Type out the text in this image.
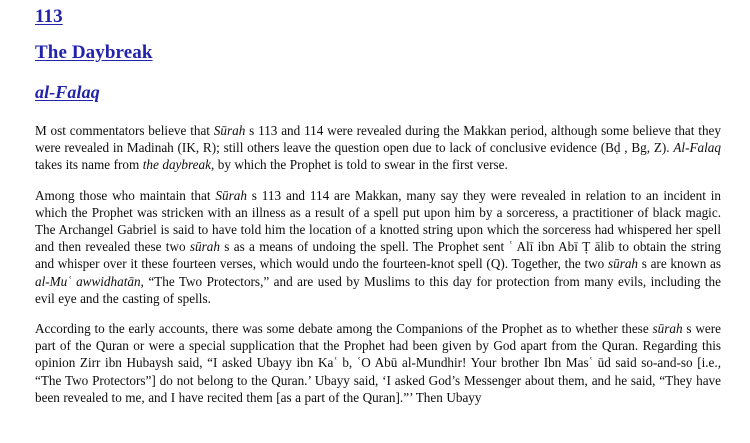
113
The Daybreak
al-Falaq

M ost commentators believe that Sūrah s 113 and 114 were revealed during the Makkan period, although some believe that they were revealed in Madinah (IK, R); still others leave the question open due to lack of conclusive evidence (Bḍ , Bg, Z). Al-Falaq takes its name from the daybreak, by which the Prophet is told to swear in the first verse.

Among those who maintain that Sūrah s 113 and 114 are Makkan, many say they were revealed in relation to an incident in which the Prophet was stricken with an illness as a result of a spell put upon him by a sorceress, a practitioner of black magic. The Archangel Gabriel is said to have told him the location of a knotted string upon which the sorceress had whispered her spell and then revealed these two sūrah s as a means of undoing the spell. The Prophet sent ʿ Alī ibn Abī Ṭ ālib to obtain the string and whisper over it these fourteen verses, which would undo the fourteen-knot spell (Q). Together, the two sūrah s are known as al-Muʿ awwidhatān, “The Two Protectors,” and are used by Muslims to this day for protection from many evils, including the evil eye and the casting of spells.

According to the early accounts, there was some debate among the Companions of the Prophet as to whether these sūrah s were part of the Quran or were a special supplication that the Prophet had been given by God apart from the Quran. Regarding this opinion Zirr ibn Hubaysh said, “I asked Ubayy ibn Kaʿ b, ʿO Abū al-Mundhir! Your brother Ibn Masʿ ūd said so-and-so [i.e., “The Two Protectors”] do not belong to the Quran.’ Ubayy said, ‘I asked God’s Messenger about them, and he said, “They have been revealed to me, and I have recited them [as a part of the Quran].”’ Then Ubayy
